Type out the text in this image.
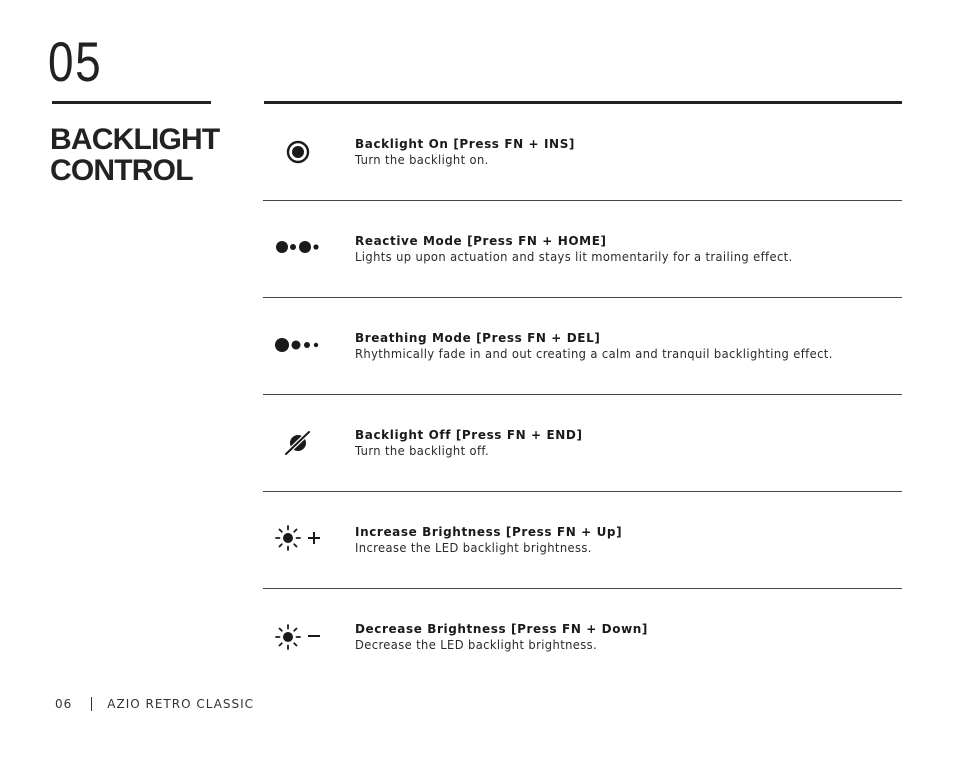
05
BACKLIGHT
CONTROL
Backlight On [Press FN + INS]
Turn the backlight on.
Reactive Mode [Press FN + HOME]
Lights up upon actuation and stays lit momentarily for a trailing effect.
Breathing Mode [Press FN + DEL]
Rhythmically fade in and out creating a calm and tranquil backlighting effect.
Backlight Off [Press FN + END]
Turn the backlight off.
Increase Brightness [Press FN + Up]
Increase the LED backlight brightness.
Decrease Brightness [Press FN + Down]
Decrease the LED backlight brightness.
06	AZIO RETRO CLASSIC
